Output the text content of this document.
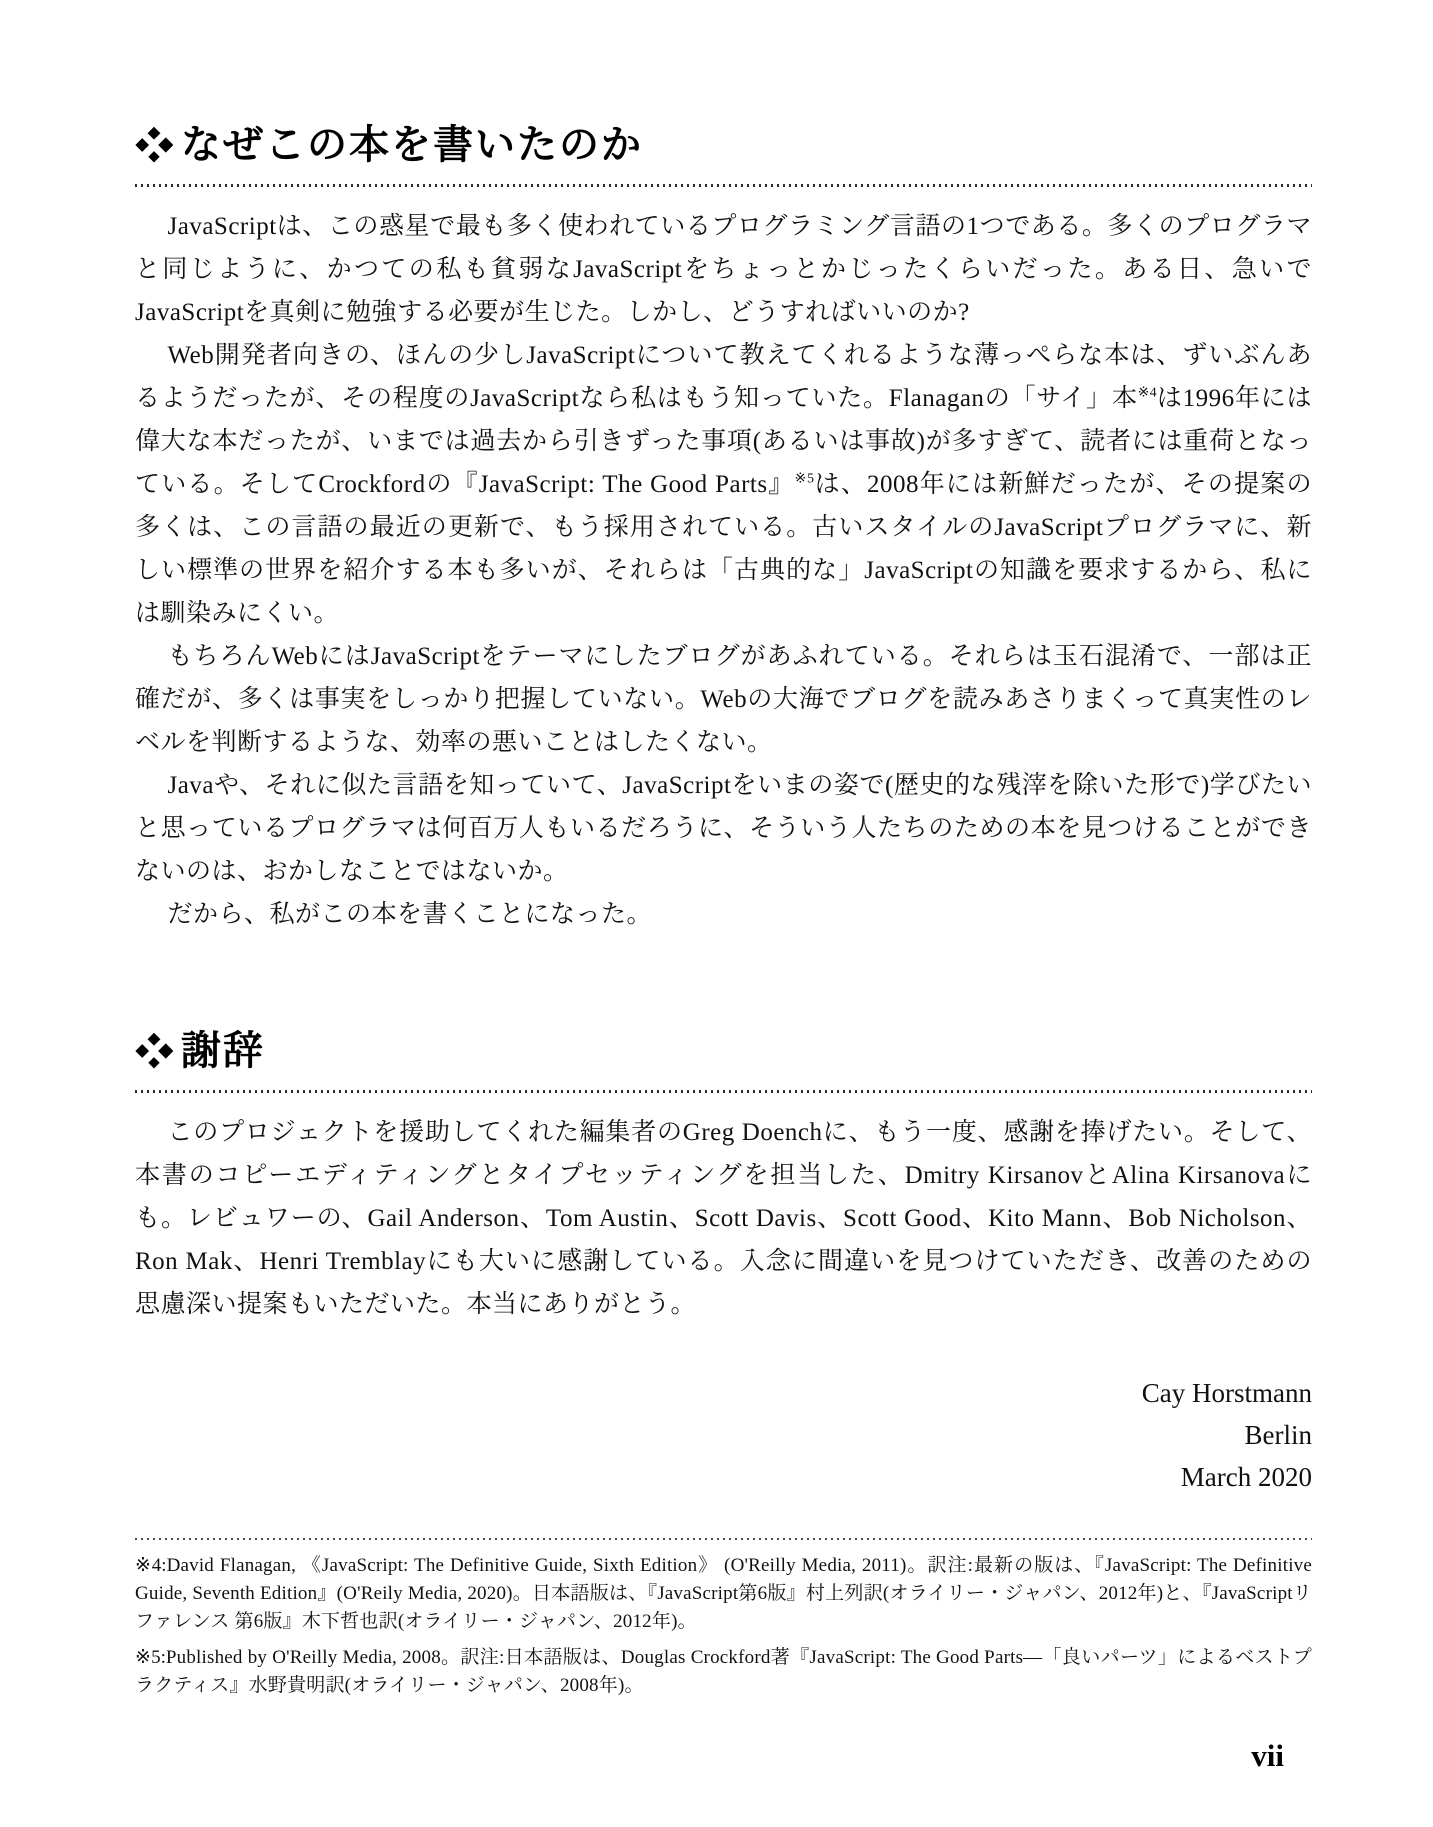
なぜこの本を書いたのか

JavaScriptは、この惑星で最も多く使われているプログラミング言語の1つである。多くのプログラマと同じように、かつての私も貧弱なJavaScriptをちょっとかじったくらいだった。ある日、急いでJavaScriptを真剣に勉強する必要が生じた。しかし、どうすればいいのか?

Web開発者向きの、ほんの少しJavaScriptについて教えてくれるような薄っぺらな本は、ずいぶんあるようだったが、その程度のJavaScriptなら私はもう知っていた。Flanaganの「サイ」本$^{※4}$は1996年には偉大な本だったが、いまでは過去から引きずった事項(あるいは事故)が多すぎて、読者には重荷となっている。そしてCrockfordの『JavaScript: The Good Parts』$^{※5}$は、2008年には新鮮だったが、その提案の多くは、この言語の最近の更新で、もう採用されている。古いスタイルのJavaScriptプログラマに、新しい標準の世界を紹介する本も多いが、それらは「古典的な」JavaScriptの知識を要求するから、私には馴染みにくい。

もちろんWebにはJavaScriptをテーマにしたブログがあふれている。それらは玉石混淆で、一部は正確だが、多くは事実をしっかり把握していない。Webの大海でブログを読みあさりまくって真実性のレベルを判断するような、効率の悪いことはしたくない。

Javaや、それに似た言語を知っていて、JavaScriptをいまの姿で(歴史的な残滓を除いた形で)学びたいと思っているプログラマは何百万人もいるだろうに、そういう人たちのための本を見つけることができないのは、おかしなことではないか。

だから、私がこの本を書くことになった。

謝辞

このプロジェクトを援助してくれた編集者のGreg Doenchに、もう一度、感謝を捧げたい。そして、本書のコピーエディティングとタイプセッティングを担当した、Dmitry KirsanovとAlina Kirsanovaにも。レビュワーの、Gail Anderson、Tom Austin、Scott Davis、Scott Good、Kito Mann、Bob Nicholson、Ron Mak、Henri Tremblayにも大いに感謝している。入念に間違いを見つけていただき、改善のための思慮深い提案もいただいた。本当にありがとう。

Cay Horstmann
Berlin
March 2020

※4:David Flanagan, 《JavaScript: The Definitive Guide, Sixth Edition》 (O'Reilly Media, 2011)。訳注:最新の版は、『JavaScript: The Definitive Guide, Seventh Edition』(O'Reily Media, 2020)。日本語版は、『JavaScript第6版』村上列訳(オライリー・ジャパン、2012年)と、『JavaScriptリファレンス 第6版』木下哲也訳(オライリー・ジャパン、2012年)。

※5:Published by O'Reilly Media, 2008。訳注:日本語版は、Douglas Crockford著『JavaScript: The Good Parts―「良いパーツ」によるベストプラクティス』水野貴明訳(オライリー・ジャパン、2008年)。

vii
